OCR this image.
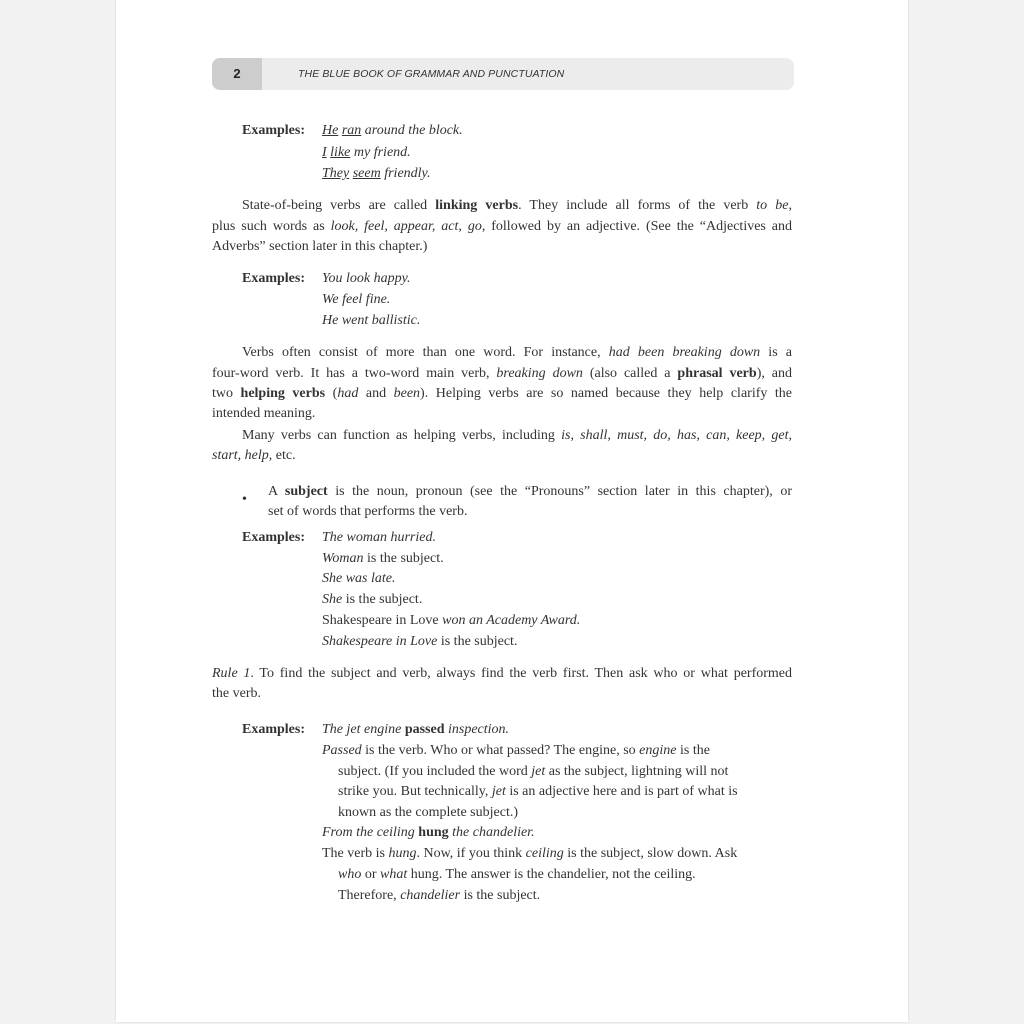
2	THE BLUE BOOK OF GRAMMAR AND PUNCTUATION
Examples: He ran around the block.
I like my friend.
They seem friendly.
State-of-being verbs are called linking verbs. They include all forms of the verb to be,
plus such words as look, feel, appear, act, go, followed by an adjective. (See the “Adjectives and
Adverbs” section later in this chapter.)
Examples: You look happy.
We feel fine.
He went ballistic.
Verbs often consist of more than one word. For instance, had been breaking down is a
four-word verb. It has a two-word main verb, breaking down (also called a phrasal verb), and
two helping verbs (had and been). Helping verbs are so named because they help clarify the
intended meaning.
Many verbs can function as helping verbs, including is, shall, must, do, has, can, keep, get,
start, help, etc.
•
A subject is the noun, pronoun (see the “Pronouns” section later in this chapter), or
set of words that performs the verb.
Examples: The woman hurried.
Woman is the subject.
She was late.
She is the subject.
Shakespeare in Love won an Academy Award.
Shakespeare in Love is the subject.
Rule 1. To find the subject and verb, always find the verb first. Then ask who or what performed
the verb.
Examples: The jet engine passed inspection.
Passed is the verb. Who or what passed? The engine, so engine is the
subject. (If you included the word jet as the subject, lightning will not
strike you. But technically, jet is an adjective here and is part of what is
known as the complete subject.)
From the ceiling hung the chandelier.
The verb is hung. Now, if you think ceiling is the subject, slow down. Ask
who or what hung. The answer is the chandelier, not the ceiling.
Therefore, chandelier is the subject.
